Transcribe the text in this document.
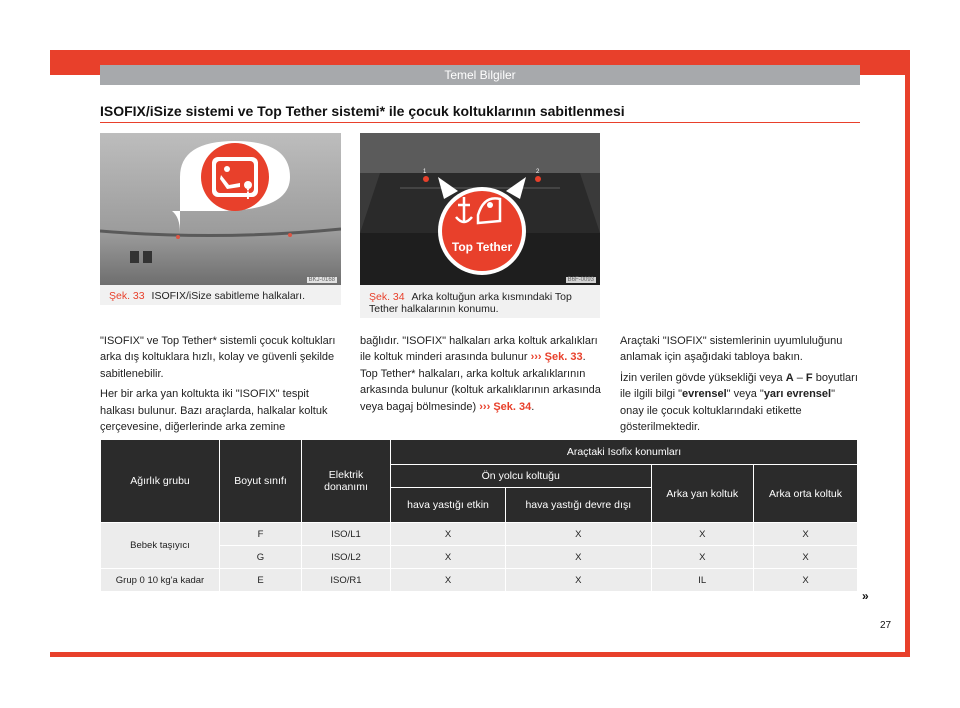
Temel Bilgiler
ISOFIX/iSize sistemi ve Top Tether sistemi* ile çocuk koltuklarının sabitlenmesi
i
BKJ-0168
Şek. 33 ISOFIX/iSize sabitleme halkaları.
1	2
Top Tether
B6F-0093
Şek. 34 Arka koltuğun arka kısmındaki Top Tether halkalarının konumu.

"ISOFIX" ve Top Tether* sistemli çocuk koltukları arka dış koltuklara hızlı, kolay ve güvenli şekilde sabitlenebilir.

Her bir arka yan koltukta iki "ISOFIX" tespit halkası bulunur. Bazı araçlarda, halkalar koltuk çerçevesine, diğerlerinde arka zemine

bağlıdır. "ISOFIX" halkaları arka koltuk arkalıkları ile koltuk minderi arasında bulunur ››› Şek. 33. Top Tether* halkaları, arka koltuk arkalıklarının arkasında bulunur (koltuk arkalıklarının arkasında veya bagaj bölmesinde) ››› Şek. 34.

Araçtaki "ISOFIX" sistemlerinin uyumluluğunu anlamak için aşağıdaki tabloya bakın.

İzin verilen gövde yüksekliği veya A – F boyutları ile ilgili bilgi "evrensel" veya "yarı evrensel" onay ile çocuk koltuklarındaki etikette gösterilmektedir.

Ağırlık grubu	Boyut sınıfı	Elektrik donanımı	Araçtaki Isofix konumları			
			Ön yolcu koltuğu		Arka yan koltuk	Arka orta koltuk
			hava yastığı etkin	hava yastığı devre dışı		
Bebek taşıyıcı	F	ISO/L1	X	X	X	X
	G	ISO/L2	X	X	X	X
Grup 0 10 kg'a kadar	E	ISO/R1	X	X	IL	X
»
27
